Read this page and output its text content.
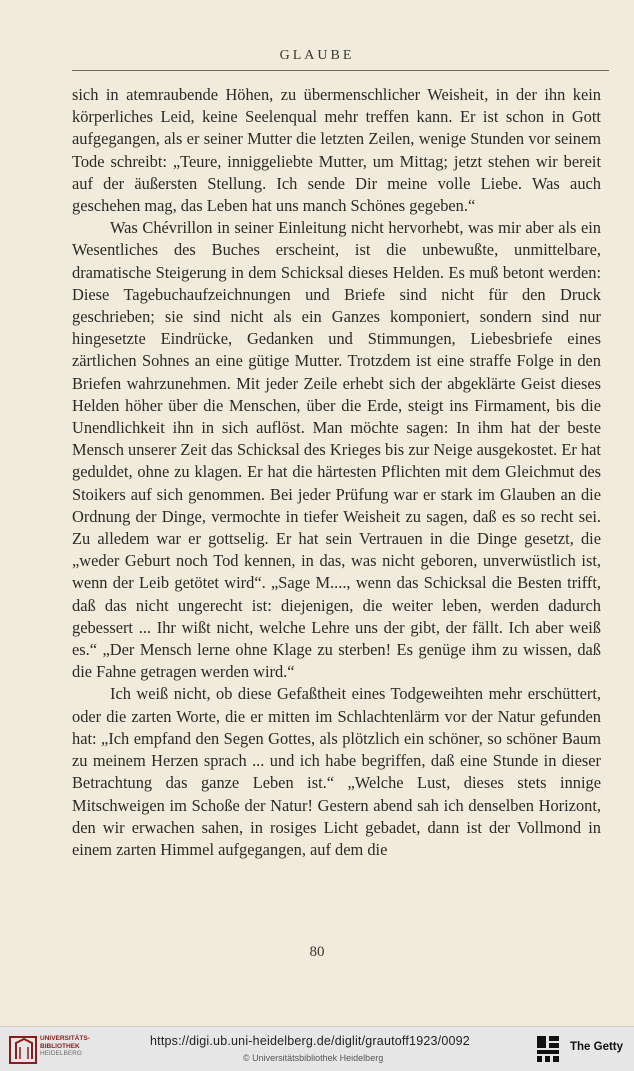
GLAUBE

sich in atemraubende Höhen, zu übermenschlicher Weisheit, in der ihn kein körperliches Leid, keine Seelenqual mehr treffen kann. Er ist schon in Gott aufgegangen, als er seiner Mutter die letzten Zeilen, wenige Stunden vor seinem Tode schreibt: „Teure, inniggeliebte Mutter, um Mittag; jetzt stehen wir bereit auf der äußersten Stellung. Ich sende Dir meine volle Liebe. Was auch geschehen mag, das Leben hat uns manch Schönes gegeben.“

Was Chévrillon in seiner Einleitung nicht hervorhebt, was mir aber als ein Wesentliches des Buches erscheint, ist die unbewußte, unmittelbare, dramatische Steigerung in dem Schicksal dieses Helden. Es muß betont werden: Diese Tagebuchaufzeichnungen und Briefe sind nicht für den Druck geschrieben; sie sind nicht als ein Ganzes komponiert, sondern sind nur hingesetzte Eindrücke, Gedanken und Stimmungen, Liebesbriefe eines zärtlichen Sohnes an eine gütige Mutter. Trotzdem ist eine straffe Folge in den Briefen wahrzunehmen. Mit jeder Zeile erhebt sich der abgeklärte Geist dieses Helden höher über die Menschen, über die Erde, steigt ins Firmament, bis die Unendlichkeit ihn in sich auflöst. Man möchte sagen: In ihm hat der beste Mensch unserer Zeit das Schicksal des Krieges bis zur Neige ausgekostet. Er hat geduldet, ohne zu klagen. Er hat die härtesten Pflichten mit dem Gleichmut des Stoikers auf sich genommen. Bei jeder Prüfung war er stark im Glauben an die Ordnung der Dinge, vermochte in tiefer Weisheit zu sagen, daß es so recht sei. Zu alledem war er gottselig. Er hat sein Vertrauen in die Dinge gesetzt, die „weder Geburt noch Tod kennen, in das, was nicht geboren, unverwüstlich ist, wenn der Leib getötet wird“. „Sage M...., wenn das Schicksal die Besten trifft, daß das nicht ungerecht ist: diejenigen, die weiter leben, werden dadurch gebessert ... Ihr wißt nicht, welche Lehre uns der gibt, der fällt. Ich aber weiß es.“ „Der Mensch lerne ohne Klage zu sterben! Es genüge ihm zu wissen, daß die Fahne getragen werden wird.“

Ich weiß nicht, ob diese Gefaßtheit eines Todgeweihten mehr erschüttert, oder die zarten Worte, die er mitten im Schlachtenlärm vor der Natur gefunden hat: „Ich empfand den Segen Gottes, als plötzlich ein schöner, so schöner Baum zu meinem Herzen sprach ... und ich habe begriffen, daß eine Stunde in dieser Betrachtung das ganze Leben ist.“ „Welche Lust, dieses stets innige Mitschweigen im Schoße der Natur! Gestern abend sah ich denselben Horizont, den wir erwachen sahen, in rosiges Licht gebadet, dann ist der Vollmond in einem zarten Himmel aufgegangen, auf dem die

80
UNIVERSITÄTS-
BIBLIOTHEK
HEIDELBERG
https://digi.ub.uni-heidelberg.de/diglit/grautoff1923/0092
© Universitätsbibliothek Heidelberg
The Getty
